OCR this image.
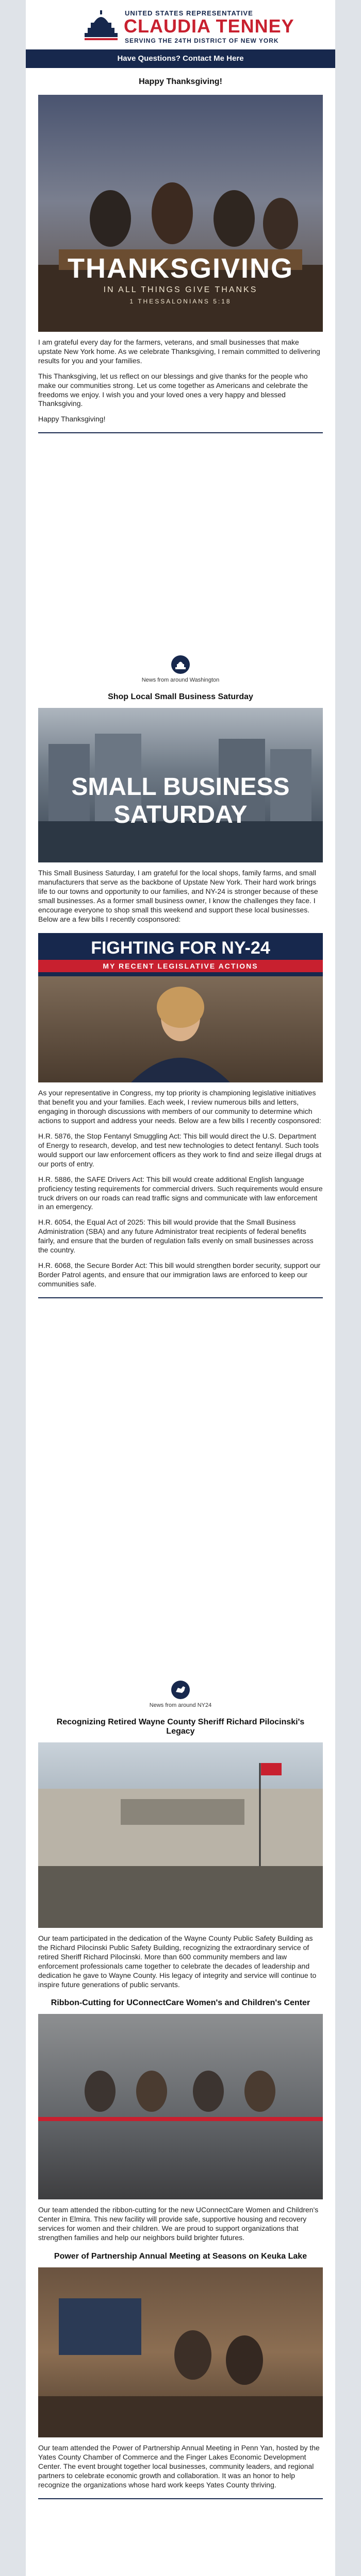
UNITED STATES REPRESENTATIVE
CLAUDIA TENNEY
SERVING THE 24TH DISTRICT OF NEW YORK
Have Questions? Contact Me Here
Happy Thanksgiving!
THANKSGIVING
IN ALL THINGS GIVE THANKS
1 THESSALONIANS 5:18

I am grateful every day for the farmers, veterans, and small businesses that make upstate New York home. As we celebrate Thanksgiving, I remain committed to delivering results for you and your families.

This Thanksgiving, let us reflect on our blessings and give thanks for the people who make our communities strong. Let us come together as Americans and celebrate the freedoms we enjoy. I wish you and your loved ones a very happy and blessed Thanksgiving.

Happy Thanksgiving!

News from around Washington
Shop Local Small Business Saturday
SMALL BUSINESS
SATURDAY

This Small Business Saturday, I am grateful for the local shops, family farms, and small manufacturers that serve as the backbone of Upstate New York. Their hard work brings life to our towns and opportunity to our families, and NY-24 is stronger because of these small businesses. As a former small business owner, I know the challenges they face. I encourage everyone to shop small this weekend and support these local businesses. Below are a few bills I recently cosponsored:

FIGHTING FOR NY-24
MY RECENT LEGISLATIVE ACTIONS

As your representative in Congress, my top priority is championing legislative initiatives that benefit you and your families. Each week, I review numerous bills and letters, engaging in thorough discussions with members of our community to determine which actions to support and address your needs. Below are a few bills I recently cosponsored:

H.R. 5876, the Stop Fentanyl Smuggling Act: This bill would direct the U.S. Department of Energy to research, develop, and test new technologies to detect fentanyl. Such tools would support our law enforcement officers as they work to find and seize illegal drugs at our ports of entry.

H.R. 5886, the SAFE Drivers Act: This bill would create additional English language proficiency testing requirements for commercial drivers. Such requirements would ensure truck drivers on our roads can read traffic signs and communicate with law enforcement in an emergency.

H.R. 6054, the Equal Act of 2025: This bill would provide that the Small Business Administration (SBA) and any future Administrator treat recipients of federal benefits fairly, and ensure that the burden of regulation falls evenly on small businesses across the country.

H.R. 6068, the Secure Border Act: This bill would strengthen border security, support our Border Patrol agents, and ensure that our immigration laws are enforced to keep our communities safe.

News from around NY24
Recognizing Retired Wayne County Sheriff Richard Pilocinski's Legacy

Our team participated in the dedication of the Wayne County Public Safety Building as the Richard Pilocinski Public Safety Building, recognizing the extraordinary service of retired Sheriff Richard Pilocinski. More than 600 community members and law enforcement professionals came together to celebrate the decades of leadership and dedication he gave to Wayne County. His legacy of integrity and service will continue to inspire future generations of public servants.

Ribbon-Cutting for UConnectCare Women's and Children's Center

Our team attended the ribbon-cutting for the new UConnectCare Women and Children's Center in Elmira. This new facility will provide safe, supportive housing and recovery services for women and their children. We are proud to support organizations that strengthen families and help our neighbors build brighter futures.

Power of Partnership Annual Meeting at Seasons on Keuka Lake

Our team attended the Power of Partnership Annual Meeting in Penn Yan, hosted by the Yates County Chamber of Commerce and the Finger Lakes Economic Development Center. The event brought together local businesses, community leaders, and regional partners to celebrate economic growth and collaboration. It was an honor to help recognize the organizations whose hard work keeps Yates County thriving.
